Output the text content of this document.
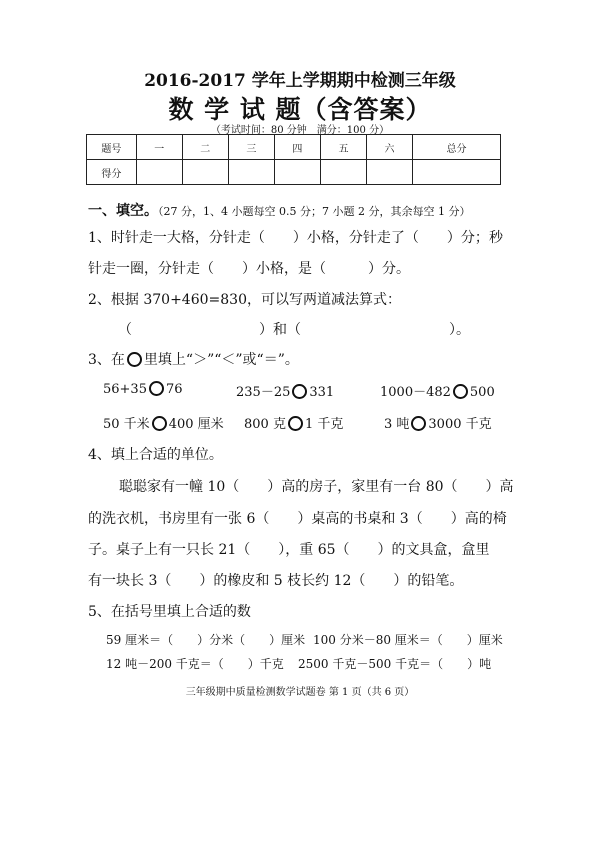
2016-2017 学年上学期期中检测三年级
数 学 试 题（含答案）
（考试时间：80 分钟　满分：100 分）
题号	一	二	三	四	五	六	总分
得分							
一、填空。（27 分，1、4 小题每空 0.5 分；7 小题 2 分，其余每空 1 分）
1、时针走一大格，分针走（　　）小格，分针走了（　　）分； 秒
针走一圈，分针走（　　）小格，是（　　　）分。
2、根据 370+460=830，可以写两道减法算式：
（	）和（	）。
3、在 里填上“＞”“＜”或“＝”。
56+35 76	235－25 331	1000－482 500
50 千米 400 厘米 800 克 1 千克	3 吨 3000 千克
4、填上合适的单位。
聪聪家有一幢 10（　　）高的房子，家里有一台 80（　　）高
的洗衣机，书房里有一张 6（　　）桌高的书桌和 3（　　）高的椅
子。桌子上有一只长 21（　　），重 65（　　）的文具盒，盒里
有一块长 3（　　）的橡皮和 5 枝长约 12（　　）的铅笔。
5、在括号里填上合适的数
59 厘米＝（　　）分米（　　）厘米 100 分米－80 厘米＝（　　）厘米
12 吨－200 千克＝（　　）千克 2500 千克－500 千克＝（　　）吨
三年级期中质量检测数学试题卷 第 1 页（共 6 页）
